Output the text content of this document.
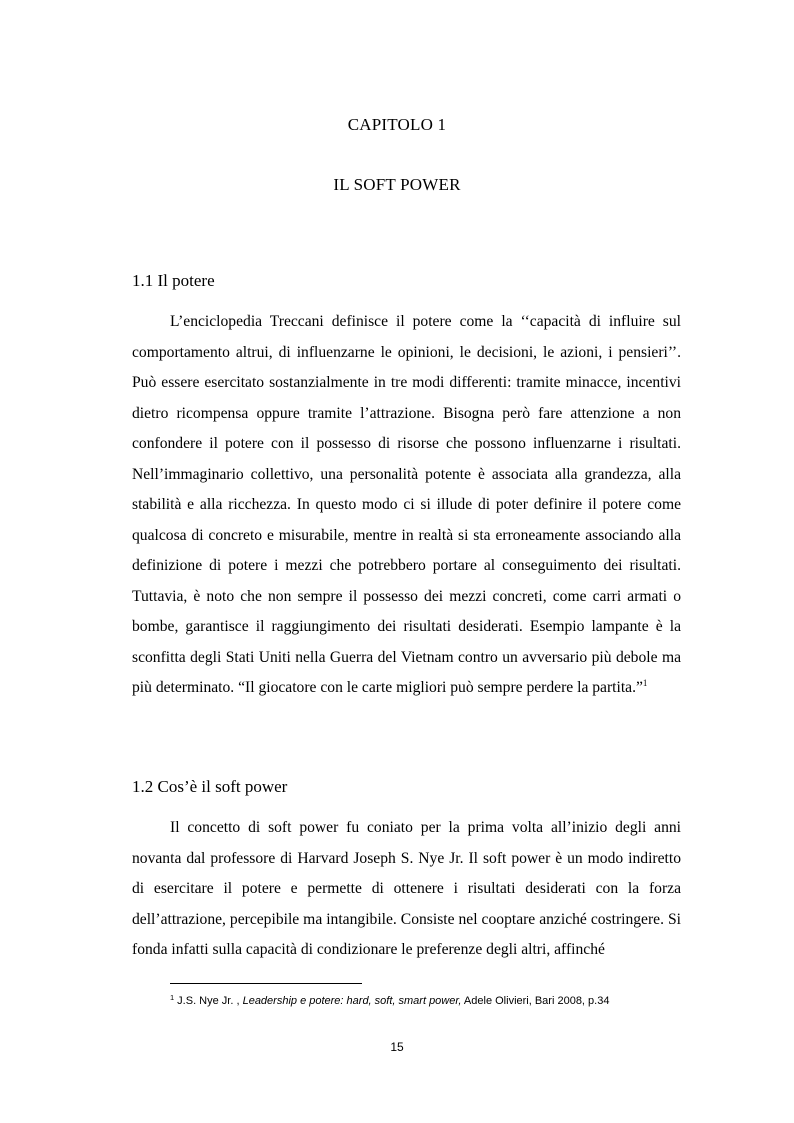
CAPITOLO 1
IL SOFT POWER
1.1 Il potere

L’enciclopedia Treccani definisce il potere come la ‘‘capacità di influire sul comportamento altrui, di influenzarne le opinioni, le decisioni, le azioni, i pensieri’’. Può essere esercitato sostanzialmente in tre modi differenti: tramite minacce, incentivi dietro ricompensa oppure tramite l’attrazione. Bisogna però fare attenzione a non confondere il potere con il possesso di risorse che possono influenzarne i risultati. Nell’immaginario collettivo, una personalità potente è associata alla grandezza, alla stabilità e alla ricchezza. In questo modo ci si illude di poter definire il potere come qualcosa di concreto e misurabile, mentre in realtà si sta erroneamente associando alla definizione di potere i mezzi che potrebbero portare al conseguimento dei risultati. Tuttavia, è noto che non sempre il possesso dei mezzi concreti, come carri armati o bombe, garantisce il raggiungimento dei risultati desiderati. Esempio lampante è la sconfitta degli Stati Uniti nella Guerra del Vietnam contro un avversario più debole ma più determinato. “Il giocatore con le carte migliori può sempre perdere la partita.”$^1$

1.2 Cos’è il soft power

Il concetto di soft power fu coniato per la prima volta all’inizio degli anni novanta dal professore di Harvard Joseph S. Nye Jr. Il soft power è un modo indiretto di esercitare il potere e permette di ottenere i risultati desiderati con la forza dell’attrazione, percepibile ma intangibile. Consiste nel cooptare anziché costringere. Si fonda infatti sulla capacità di condizionare le preferenze degli altri, affinché

$^1$ J.S. Nye Jr. , Leadership e potere: hard, soft, smart power, Adele Olivieri, Bari 2008, p.34
15
